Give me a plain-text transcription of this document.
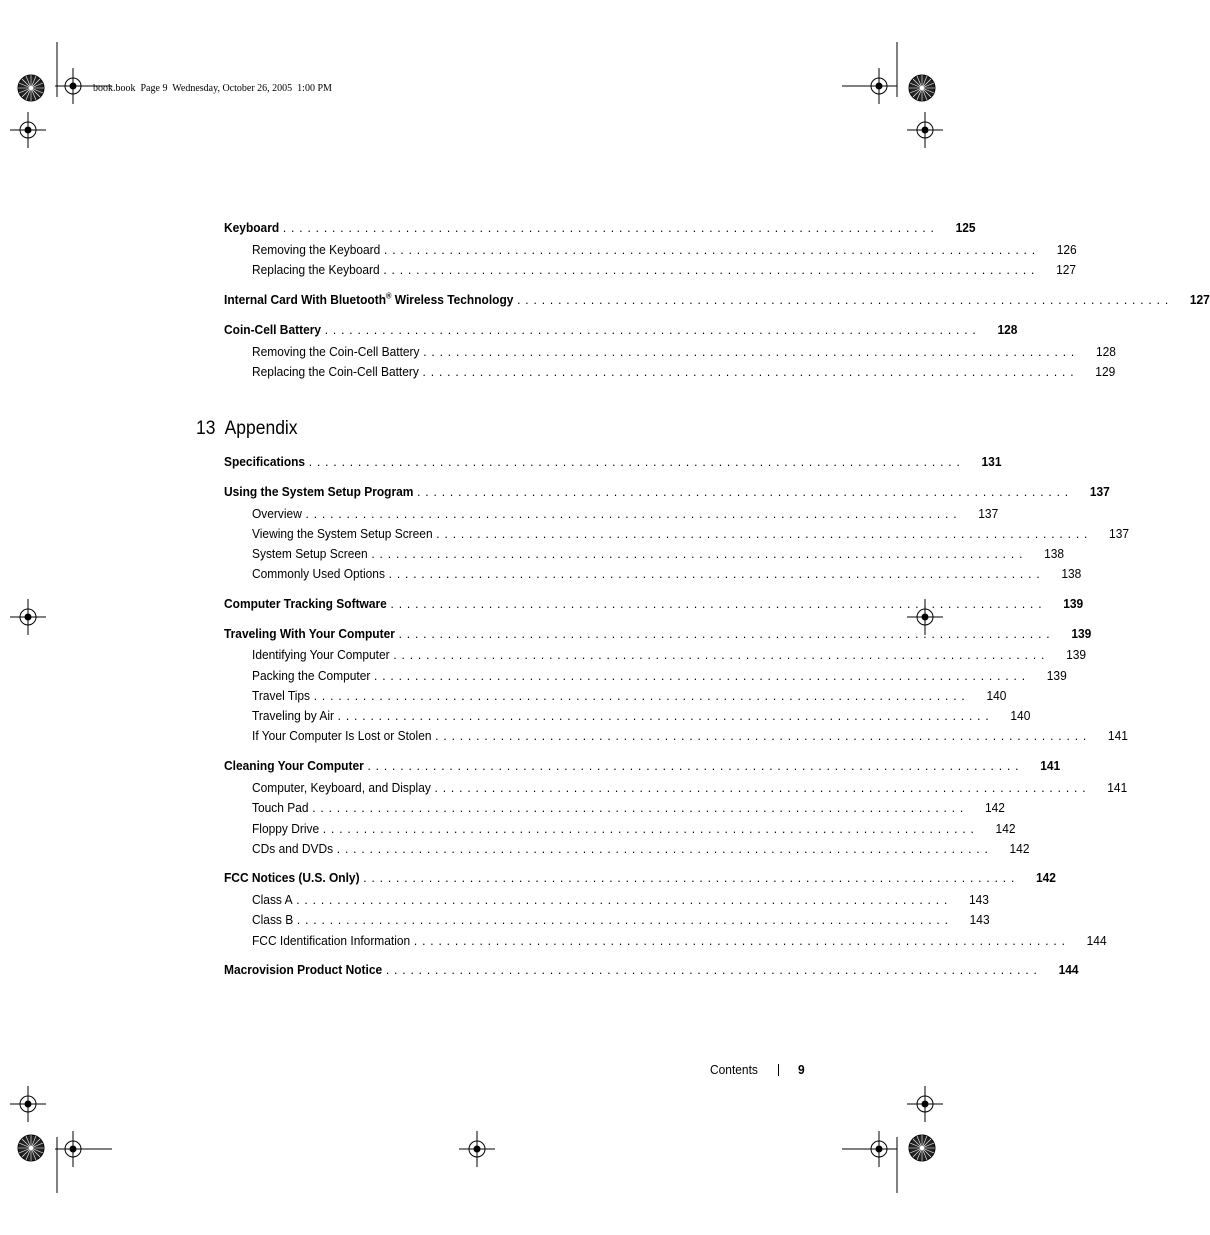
book.book  Page 9  Wednesday, October 26, 2005  1:00 PM
Keyboard ................................................................................	125
Removing the Keyboard ................................................................................	126
Replacing the Keyboard ................................................................................	127
Internal Card With Bluetooth® Wireless Technology ................................................................................	127
Coin-Cell Battery ................................................................................	128
Removing the Coin-Cell Battery ................................................................................	128
Replacing the Coin-Cell Battery ................................................................................	129
13 Appendix
Specifications ................................................................................	131
Using the System Setup Program ................................................................................	137
Overview ................................................................................	137
Viewing the System Setup Screen ................................................................................	137
System Setup Screen ................................................................................	138
Commonly Used Options ................................................................................	138
Computer Tracking Software ................................................................................	139
Traveling With Your Computer ................................................................................	139
Identifying Your Computer ................................................................................	139
Packing the Computer ................................................................................	139
Travel Tips ................................................................................	140
Traveling by Air ................................................................................	140
If Your Computer Is Lost or Stolen ................................................................................	141
Cleaning Your Computer ................................................................................	141
Computer, Keyboard, and Display ................................................................................	141
Touch Pad ................................................................................	142
Floppy Drive ................................................................................	142
CDs and DVDs ................................................................................	142
FCC Notices (U.S. Only) ................................................................................	142
Class A ................................................................................	143
Class B ................................................................................	143
FCC Identification Information ................................................................................	144
Macrovision Product Notice ................................................................................	144
Contents	9
